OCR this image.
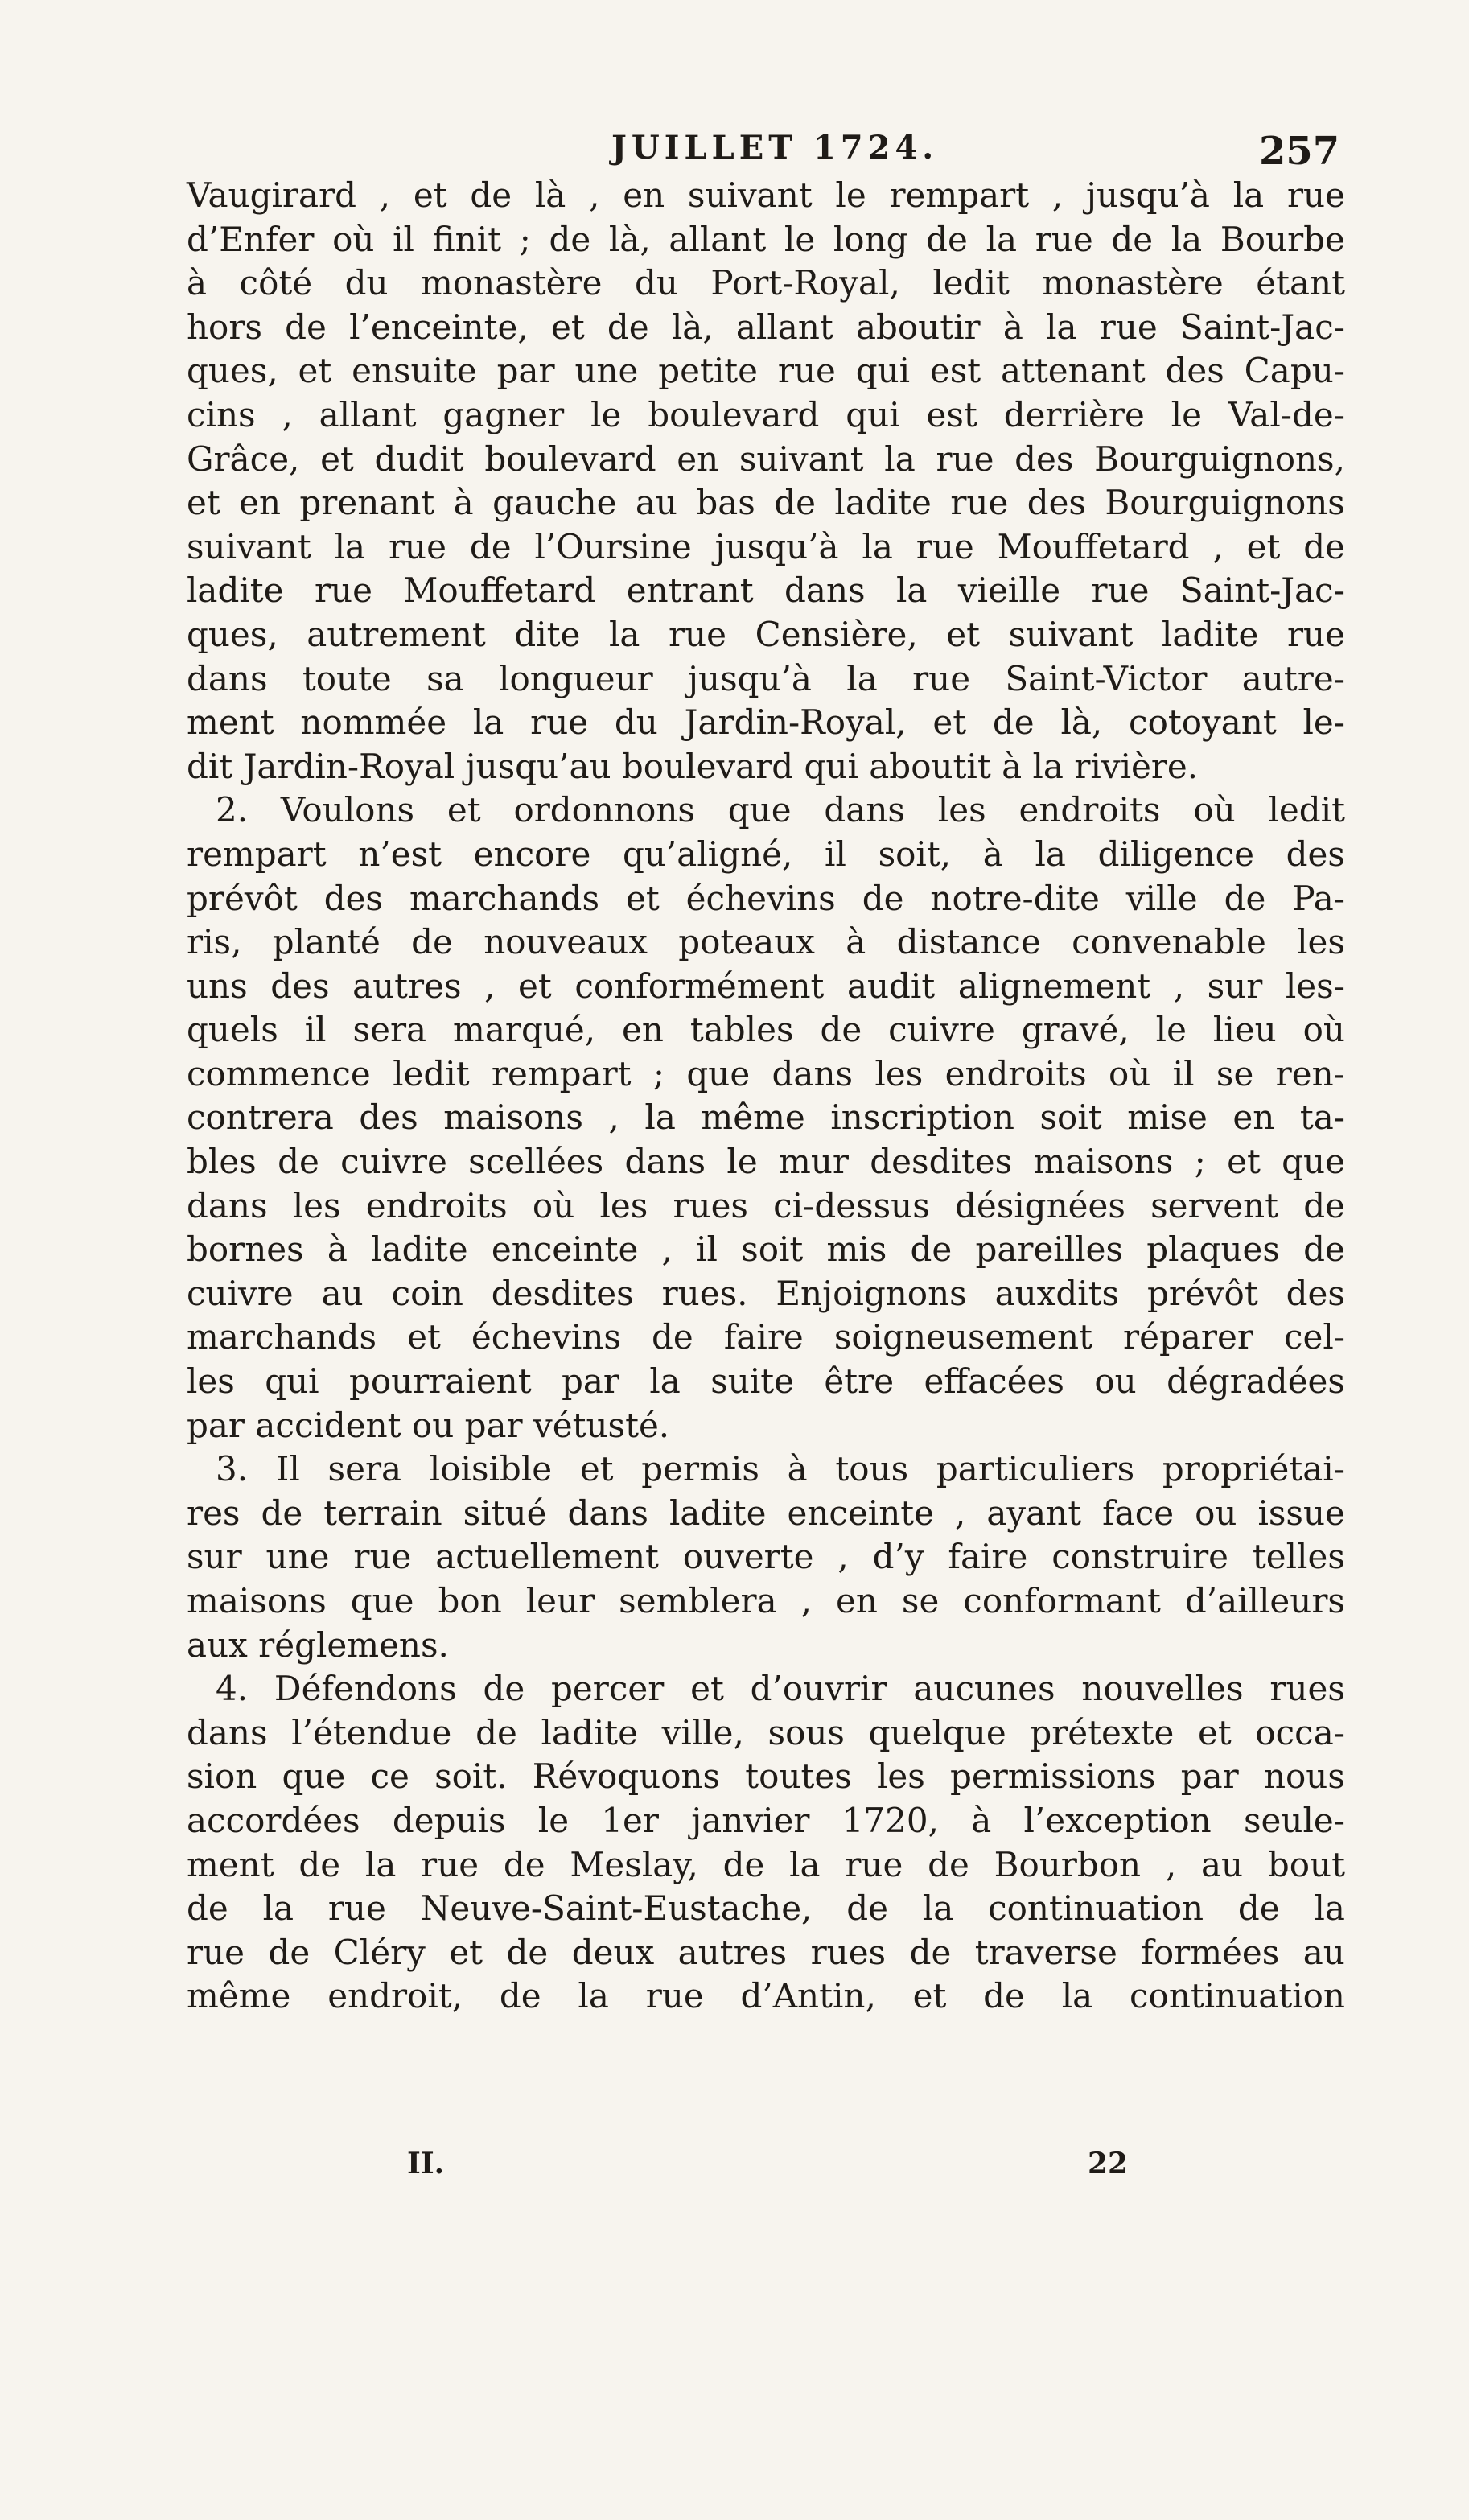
JUILLET 1724.	257
Vaugirard , et de là , en suivant le rempart , jusqu’à la rue
d’Enfer où il finit ; de là, allant le long de la rue de la Bourbe
à côté du monastère du Port-Royal, ledit monastère étant
hors de l’enceinte, et de là, allant aboutir à la rue Saint-Jac-
ques, et ensuite par une petite rue qui est attenant des Capu-
cins , allant gagner le boulevard qui est derrière le Val-de-
Grâce, et dudit boulevard en suivant la rue des Bourguignons,
et en prenant à gauche au bas de ladite rue des Bourguignons
suivant la rue de l’Oursine jusqu’à la rue Mouffetard , et de
ladite rue Mouffetard entrant dans la vieille rue Saint-Jac-
ques, autrement dite la rue Censière, et suivant ladite rue
dans toute sa longueur jusqu’à la rue Saint-Victor autre-
ment nommée la rue du Jardin-Royal, et de là, cotoyant le-
dit
Jardin-Royal
jusqu’au
boulevard
qui
aboutit
à
la
rivière.
2. Voulons et ordonnons que dans les endroits où ledit
rempart n’est encore qu’aligné, il soit, à la diligence des
prévôt des marchands et échevins de notre-dite ville de Pa-
ris, planté de nouveaux poteaux à distance convenable les
uns des autres , et conformément audit alignement , sur les-
quels il sera marqué, en tables de cuivre gravé, le lieu où
commence ledit rempart ; que dans les endroits où il se ren-
contrera des maisons , la même inscription soit mise en ta-
bles de cuivre scellées dans le mur desdites maisons ; et que
dans les endroits où les rues ci-dessus désignées servent de
bornes à ladite enceinte , il soit mis de pareilles plaques de
cuivre au coin desdites rues. Enjoignons auxdits prévôt des
marchands et échevins de faire soigneusement réparer cel-
les qui pourraient par la suite être effacées ou dégradées
par
accident
ou
par
vétusté.
3. Il sera loisible et permis à tous particuliers propriétai-
res de terrain situé dans ladite enceinte , ayant face ou issue
sur une rue actuellement ouverte , d’y faire construire telles
maisons que bon leur semblera , en se conformant d’ailleurs
aux
réglemens.
4. Défendons de percer et d’ouvrir aucunes nouvelles rues
dans l’étendue de ladite ville, sous quelque prétexte et occa-
sion que ce soit. Révoquons toutes les permissions par nous
accordées depuis le 1er janvier 1720, à l’exception seule-
ment de la rue de Meslay, de la rue de Bourbon , au bout
de la rue Neuve-Saint-Eustache, de la continuation de la
rue de Cléry et de deux autres rues de traverse formées au
même endroit, de la rue d’Antin, et de la continuation
II.	22
